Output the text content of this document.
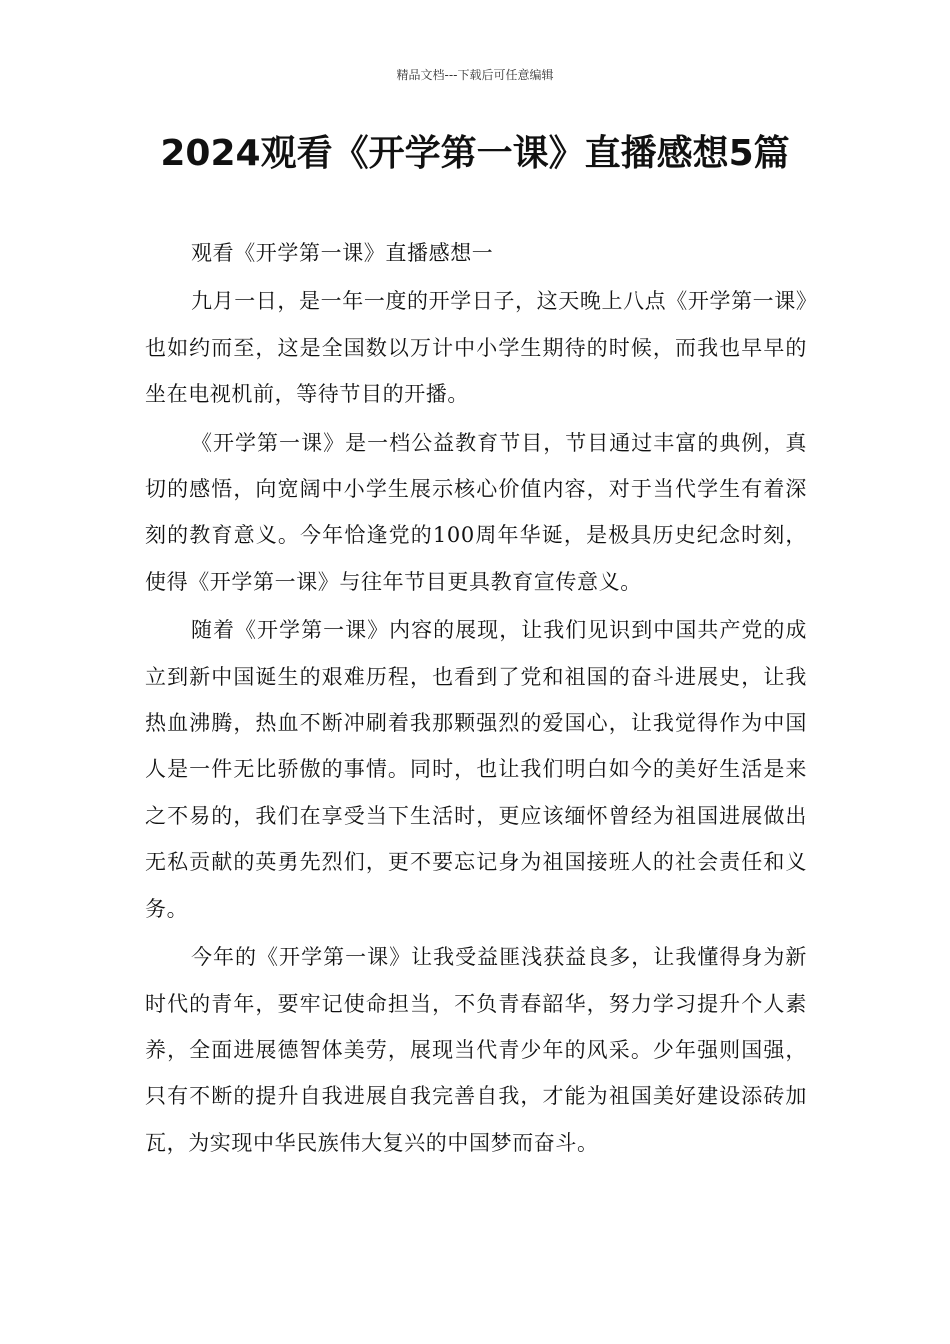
精品文档---下载后可任意编辑
2024观看《开学第一课》直播感想5篇

观看《开学第一课》直播感想一

九月一日，是一年一度的开学日子，这天晚上八点《开学第一课》也如约而至，这是全国数以万计中小学生期待的时候，而我也早早的坐在电视机前，等待节目的开播。

《开学第一课》是一档公益教育节目，节目通过丰富的典例，真切的感悟，向宽阔中小学生展示核心价值内容，对于当代学生有着深刻的教育意义。今年恰逢党的100周年华诞，是极具历史纪念时刻，使得《开学第一课》与往年节目更具教育宣传意义。

随着《开学第一课》内容的展现，让我们见识到中国共产党的成立到新中国诞生的艰难历程，也看到了党和祖国的奋斗进展史，让我热血沸腾，热血不断冲刷着我那颗强烈的爱国心，让我觉得作为中国人是一件无比骄傲的事情。同时，也让我们明白如今的美好生活是来之不易的，我们在享受当下生活时，更应该缅怀曾经为祖国进展做出无私贡献的英勇先烈们，更不要忘记身为祖国接班人的社会责任和义务。

今年的《开学第一课》让我受益匪浅获益良多，让我懂得身为新时代的青年，要牢记使命担当，不负青春韶华，努力学习提升个人素养，全面进展德智体美劳，展现当代青少年的风采。少年强则国强，只有不断的提升自我进展自我完善自我，才能为祖国美好建设添砖加瓦，为实现中华民族伟大复兴的中国梦而奋斗。
